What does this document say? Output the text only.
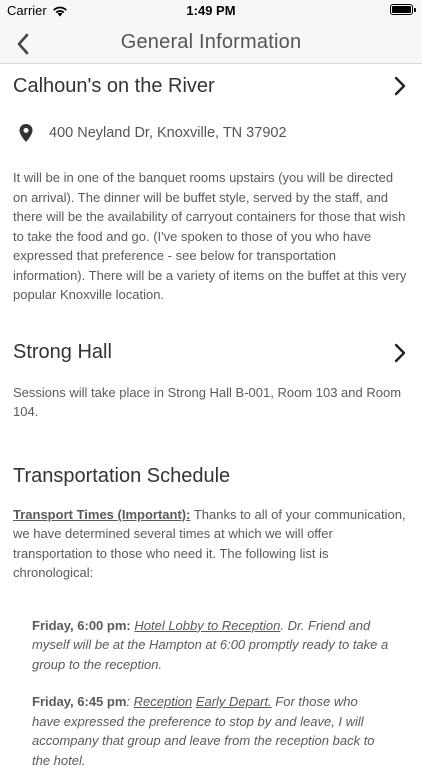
Carrier	1:49 PM
General Information
Calhoun's on the River
400 Neyland Dr, Knoxville, TN 37902

It will be in one of the banquet rooms upstairs (you will be directed on arrival). The dinner will be buffet style, served by the staff, and there will be the availability of carryout containers for those that wish to take the food and go. (I've spoken to those of you who have expressed that preference - see below for transportation information). There will be a variety of items on the buffet at this very popular Knoxville location.

Strong Hall

Sessions will take place in Strong Hall B-001, Room 103 and Room 104.

Transportation Schedule

Transport Times (Important): Thanks to all of your communication, we have determined several times at which we will offer transportation to those who need it. The following list is chronological:

Friday, 6:00 pm: Hotel Lobby to Reception. Dr. Friend and myself will be at the Hampton at 6:00 promptly ready to take a group to the reception.
Friday, 6:45 pm: Reception Early Depart. For those who have expressed the preference to stop by and leave, I will accompany that group and leave from the reception back to the hotel.
